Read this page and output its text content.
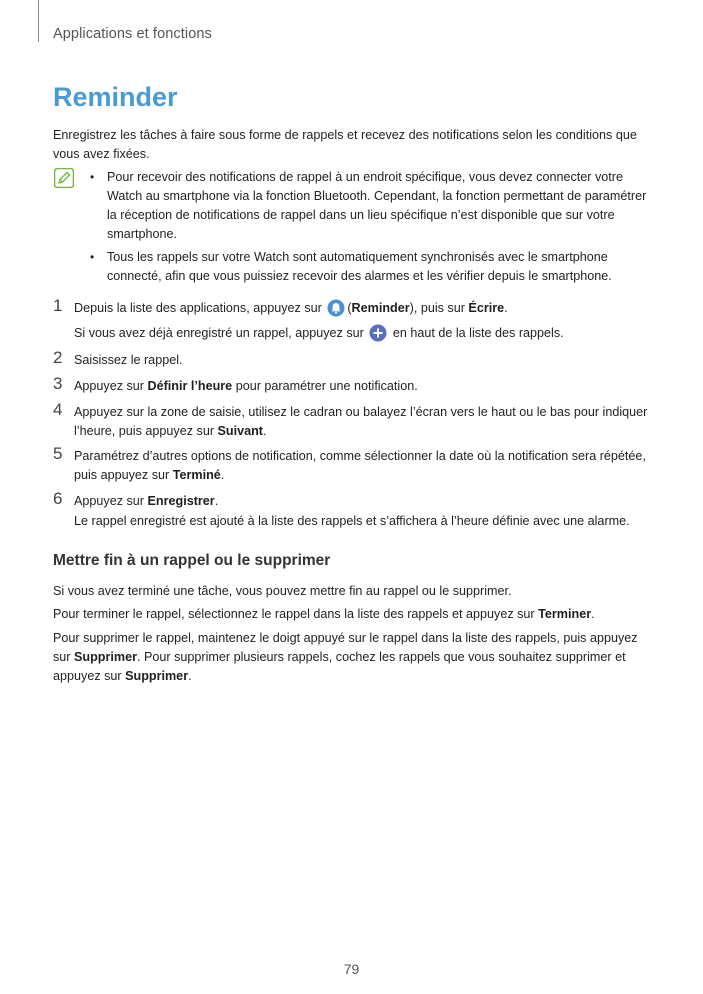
Applications et fonctions
Reminder

Enregistrez les tâches à faire sous forme de rappels et recevez des notifications selon les conditions que vous avez fixées.

• Pour recevoir des notifications de rappel à un endroit spécifique, vous devez connecter votre Watch au smartphone via la fonction Bluetooth. Cependant, la fonction permettant de paramétrer la réception de notifications de rappel dans un lieu spécifique n’est disponible que sur votre smartphone.

• Tous les rappels sur votre Watch sont automatiquement synchronisés avec le smartphone connecté, afin que vous puissiez recevoir des alarmes et les vérifier depuis le smartphone.

1 Depuis la liste des applications, appuyez sur (Reminder), puis sur Écrire.

Si vous avez déjà enregistré un rappel, appuyez sur  en haut de la liste des rappels.

2 Saisissez le rappel.

3 Appuyez sur Définir l’heure pour paramétrer une notification.

4 Appuyez sur la zone de saisie, utilisez le cadran ou balayez l’écran vers le haut ou le bas pour indiquer l’heure, puis appuyez sur Suivant.

5 Paramétrez d’autres options de notification, comme sélectionner la date où la notification sera répétée, puis appuyez sur Terminé.

6 Appuyez sur Enregistrer.

Le rappel enregistré est ajouté à la liste des rappels et s’affichera à l’heure définie avec une alarme.

Mettre fin à un rappel ou le supprimer

Si vous avez terminé une tâche, vous pouvez mettre fin au rappel ou le supprimer.

Pour terminer le rappel, sélectionnez le rappel dans la liste des rappels et appuyez sur Terminer.

Pour supprimer le rappel, maintenez le doigt appuyé sur le rappel dans la liste des rappels, puis appuyez sur Supprimer. Pour supprimer plusieurs rappels, cochez les rappels que vous souhaitez supprimer et appuyez sur Supprimer.

79
